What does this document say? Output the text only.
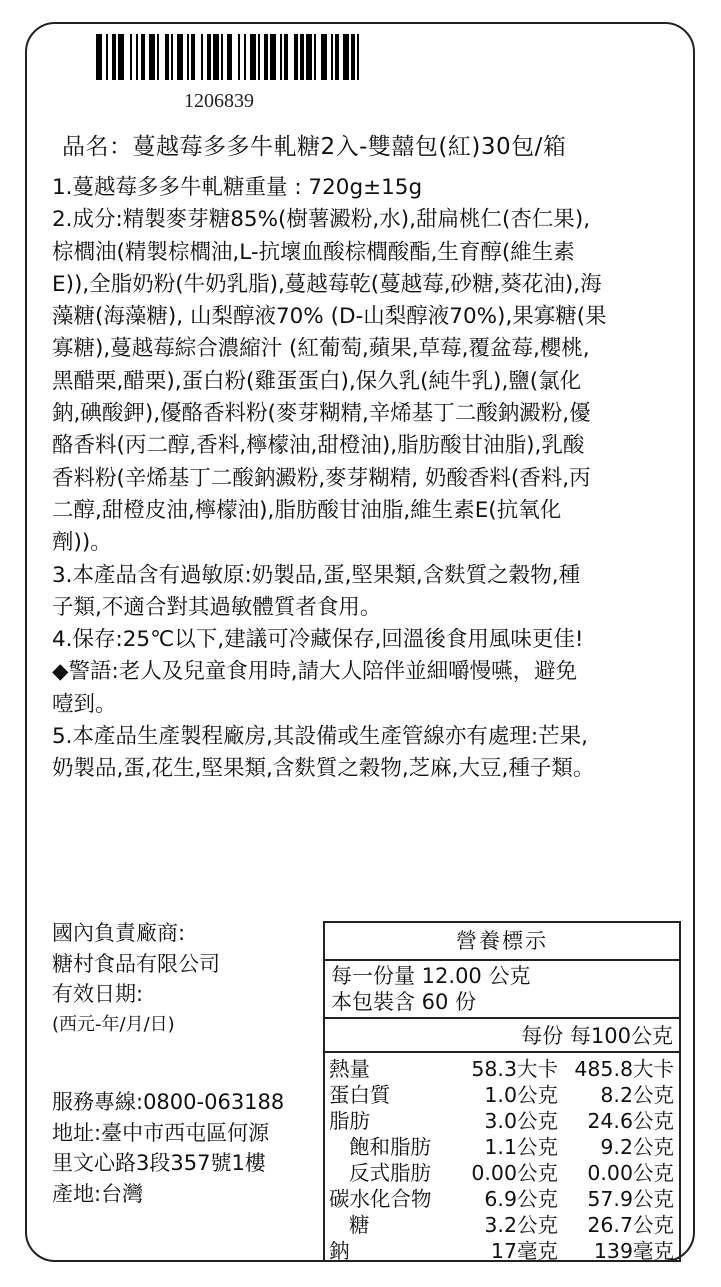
1206839
品名：蔓越莓多多牛軋糖2入-雙囍包(紅)30包/箱

1.蔓越莓多多牛軋糖重量 : 720g±15g

2.成分:精製麥芽糖85%(樹薯澱粉,水),甜扁桃仁(杏仁果),

棕櫚油(精製棕櫚油,L-抗壞血酸棕櫚酸酯,生育醇(維生素

E)),全脂奶粉(牛奶乳脂),蔓越莓乾(蔓越莓,砂糖,葵花油),海

藻糖(海藻糖), 山梨醇液70% (D-山梨醇液70%),果寡糖(果

寡糖),蔓越莓綜合濃縮汁 (紅葡萄,蘋果,草莓,覆盆莓,櫻桃,

黑醋栗,醋栗),蛋白粉(雞蛋蛋白),保久乳(純牛乳),鹽(氯化

鈉,碘酸鉀),優酪香料粉(麥芽糊精,辛烯基丁二酸鈉澱粉,優

酪香料(丙二醇,香料,檸檬油,甜橙油),脂肪酸甘油脂),乳酸

香料粉(辛烯基丁二酸鈉澱粉,麥芽糊精, 奶酸香料(香料,丙

二醇,甜橙皮油,檸檬油),脂肪酸甘油脂,維生素E(抗氧化

劑))。

3.本產品含有過敏原:奶製品,蛋,堅果類,含麩質之穀物,種

子類,不適合對其過敏體質者食用。

4.保存:25℃以下,建議可冷藏保存,回溫後食用風味更佳!

◆警語:老人及兒童食用時,請大人陪伴並細嚼慢嚥，避免

噎到。

5.本產品生產製程廠房,其設備或生產管線亦有處理:芒果,

奶製品,蛋,花生,堅果類,含麩質之穀物,芝麻,大豆,種子類。

國內負責廠商:
糖村食品有限公司
有效日期:
(西元-年/月/日)
服務專線:0800-063188
地址:臺中市西屯區何源
里文心路3段357號1樓
產地:台灣
營養標示
每一份量 12.00 公克
本包裝含 60 份
每份 每100公克
熱量	58.3大卡 485.8大卡
蛋白質	1.0公克	8.2公克
脂肪	3.0公克	24.6公克
飽和脂肪	1.1公克	9.2公克
反式脂肪	0.00公克	0.00公克
碳水化合物	6.9公克	57.9公克
糖	3.2公克	26.7公克
鈉	17毫克	139毫克
